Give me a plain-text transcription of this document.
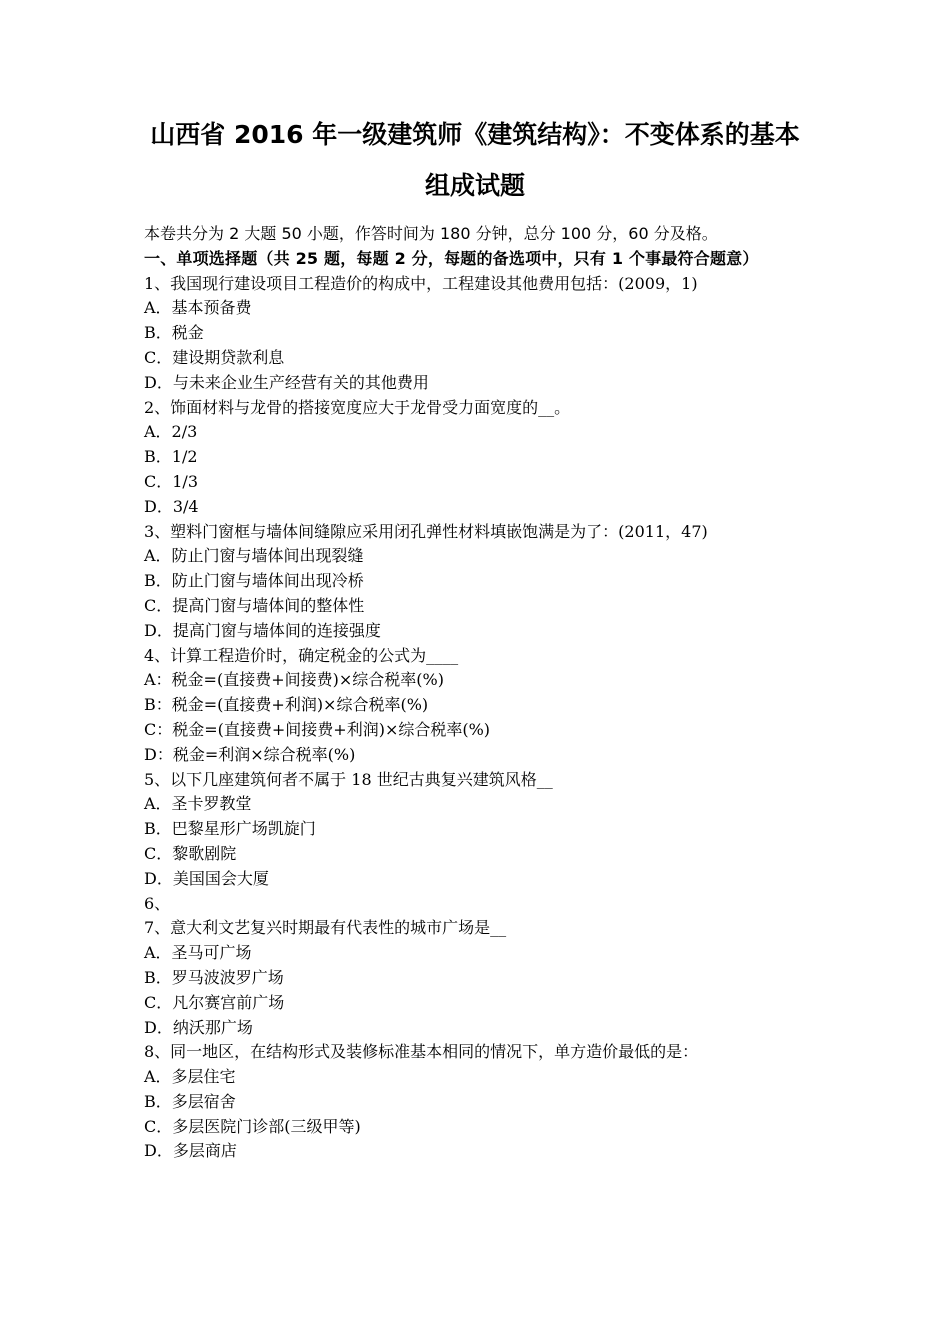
山西省 2016 年一级建筑师《建筑结构》：不变体系的基本
组成试题

本卷共分为 2 大题 50 小题，作答时间为 180 分钟，总分 100 分，60 分及格。

一、单项选择题（共 25 题，每题 2 分，每题的备选项中，只有 1 个事最符合题意）

1、我国现行建设项目工程造价的构成中，工程建设其他费用包括：(2009，1)

A．基本预备费

B．税金

C．建设期贷款利息

D．与未来企业生产经营有关的其他费用

2、饰面材料与龙骨的搭接宽度应大于龙骨受力面宽度的__。

A．2/3

B．1/2

C．1/3

D．3/4

3、塑料门窗框与墙体间缝隙应采用闭孔弹性材料填嵌饱满是为了：(2011，47)

A．防止门窗与墙体间出现裂缝

B．防止门窗与墙体间出现冷桥

C．提高门窗与墙体间的整体性

D．提高门窗与墙体间的连接强度

4、计算工程造价时，确定税金的公式为____

A：税金=(直接费+间接费)×综合税率(%)

B：税金=(直接费+利润)×综合税率(%)

C：税金=(直接费+间接费+利润)×综合税率(%)

D：税金=利润×综合税率(%)

5、以下几座建筑何者不属于 18 世纪古典复兴建筑风格__

A．圣卡罗教堂

B．巴黎星形广场凯旋门

C．黎歌剧院

D．美国国会大厦

6、

7、意大利文艺复兴时期最有代表性的城市广场是__

A．圣马可广场

B．罗马波波罗广场

C．凡尔赛宫前广场

D．纳沃那广场

8、同一地区，在结构形式及装修标准基本相同的情况下，单方造价最低的是：

A．多层住宅

B．多层宿舍

C．多层医院门诊部(三级甲等)

D．多层商店
